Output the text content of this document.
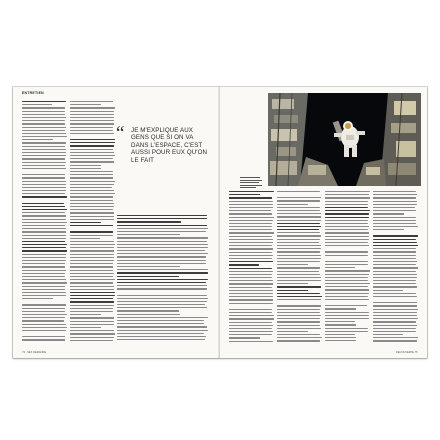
ENTRETIEN
“ JE M'EXPLIQUE AUX GENS QUE SI ON VA DANS L'ESPACE, C'EST AUSSI POUR EUX QU'ON LE FAIT
74 · SEX DEMANDE	DECOUVERTE 75
